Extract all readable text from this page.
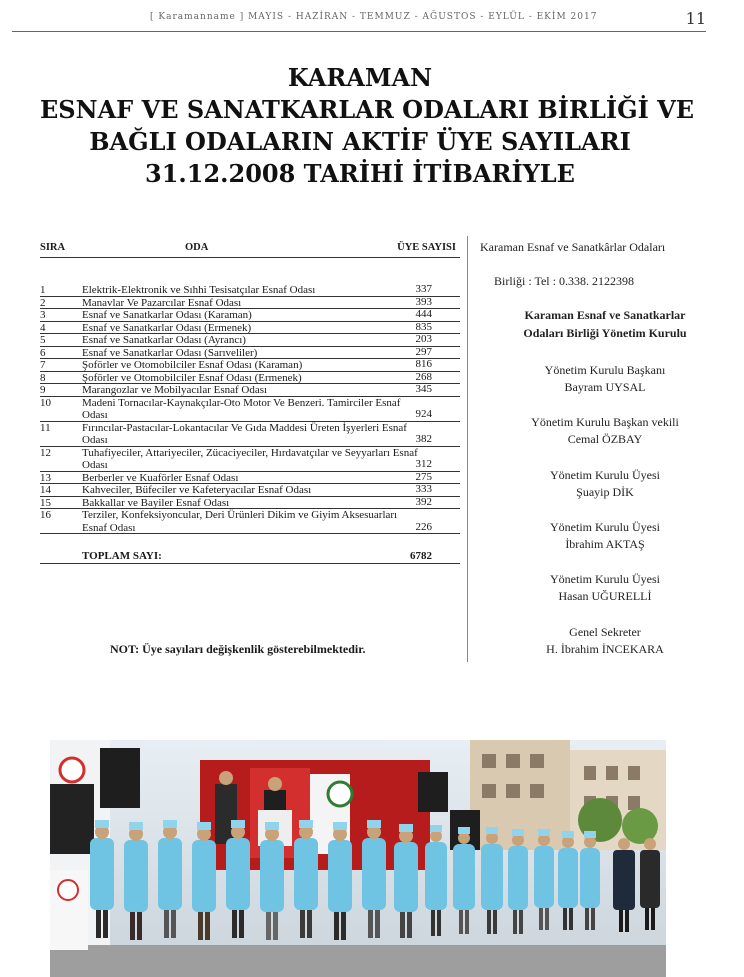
[ Karamanname ] MAYIS - HAZİRAN - TEMMUZ - AĞUSTOS - EYLÜL - EKİM 2017	11
KARAMAN
ESNAF VE SANATKARLAR ODALARI BİRLİĞİ VE
BAĞLI ODALARIN AKTİF ÜYE SAYILARI
31.12.2008 TARİHİ İTİBARİYLE
SIRA	ODA	ÜYE SAYISI
1	Elektrik-Elektronik ve Sıhhi Tesisatçılar Esnaf Odası	337
2	Manavlar Ve Pazarcılar Esnaf Odası	393
3	Esnaf ve Sanatkarlar Odası (Karaman)	444
4	Esnaf ve Sanatkarlar Odası (Ermenek)	835
5	Esnaf ve Sanatkarlar Odası (Ayrancı)	203
6	Esnaf ve Sanatkarlar Odası (Sarıveliler)	297
7	Şoförler ve Otomobilciler Esnaf Odası (Karaman)	816
8	Şoförler ve Otomobilciler Esnaf Odası (Ermenek)	268
9	Marangozlar ve Mobilyacılar Esnaf Odası	345
10	Madeni Tornacılar-Kaynakçılar-Oto Motor Ve Benzeri. Tamirciler Esnaf Odası	924
11	Fırıncılar-Pastacılar-Lokantacılar Ve Gıda Maddesi Üreten İşyerleri Esnaf Odası	382
12	Tuhafiyeciler, Attariyeciler, Zücaciyeciler, Hırdavatçılar ve Seyyarları Esnaf Odası	312
13	Berberler ve Kuaförler Esnaf Odası	275
14	Kahveciler, Büfeciler ve Kafeteryacılar Esnaf Odası	333
15	Bakkallar ve Bayiler Esnaf Odası	392
16	Terziler, Konfeksiyoncular, Deri Ürünleri Dikim ve Giyim Aksesuarları Esnaf Odası	226
TOPLAM SAYI:	6782
NOT: Üye sayıları değişkenlik gösterebilmektedir.
Karaman Esnaf ve Sanatkârlar Odaları
Birliği : Tel : 0.338. 2122398
Karaman Esnaf ve Sanatkarlar
Odaları Birliği Yönetim Kurulu
Yönetim Kurulu Başkanı
Bayram UYSAL
Yönetim Kurulu Başkan vekili
Cemal ÖZBAY
Yönetim Kurulu Üyesi
Şuayip DİK
Yönetim Kurulu Üyesi
İbrahim AKTAŞ
Yönetim Kurulu Üyesi
Hasan UĞURELLİ
Genel Sekreter
H. İbrahim İNCEKARA
